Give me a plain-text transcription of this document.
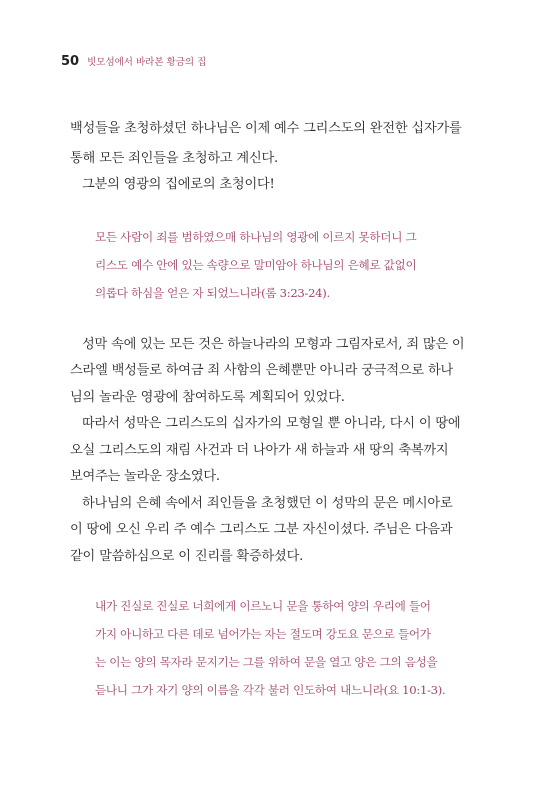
50 빗모섬에서 바라본 황금의 집
백성들을 초청하셨던 하나님은 이제 예수 그리스도의 완전한 십자가를
통해 모든 죄인들을 초청하고 계신다.
그분의 영광의 집에로의 초청이다!
모든 사람이 죄를 범하였으매 하나님의 영광에 이르지 못하더니 그
리스도 예수 안에 있는 속량으로 말미암아 하나님의 은혜로 값없이
의롭다 하심을 얻은 자 되었느니라(롬 3:23-24).
성막 속에 있는 모든 것은 하늘나라의 모형과 그림자로서, 죄 많은 이
스라엘 백성들로 하여금 죄 사함의 은혜뿐만 아니라 궁극적으로 하나
님의 놀라운 영광에 참여하도록 계획되어 있었다.
따라서 성막은 그리스도의 십자가의 모형일 뿐 아니라, 다시 이 땅에
오실 그리스도의 재림 사건과 더 나아가 새 하늘과 새 땅의 축복까지
보여주는 놀라운 장소였다.
하나님의 은혜 속에서 죄인들을 초청했던 이 성막의 문은 메시아로
이 땅에 오신 우리 주 예수 그리스도 그분 자신이셨다. 주님은 다음과
같이 말씀하심으로 이 진리를 확증하셨다.
내가 진실로 진실로 너희에게 이르노니 문을 통하여 양의 우리에 들어
가지 아니하고 다른 데로 넘어가는 자는 절도며 강도요 문으로 들어가
는 이는 양의 목자라 문지기는 그를 위하여 문을 열고 양은 그의 음성을
듣나니 그가 자기 양의 이름을 각각 불러 인도하여 내느니라(요 10:1-3).
